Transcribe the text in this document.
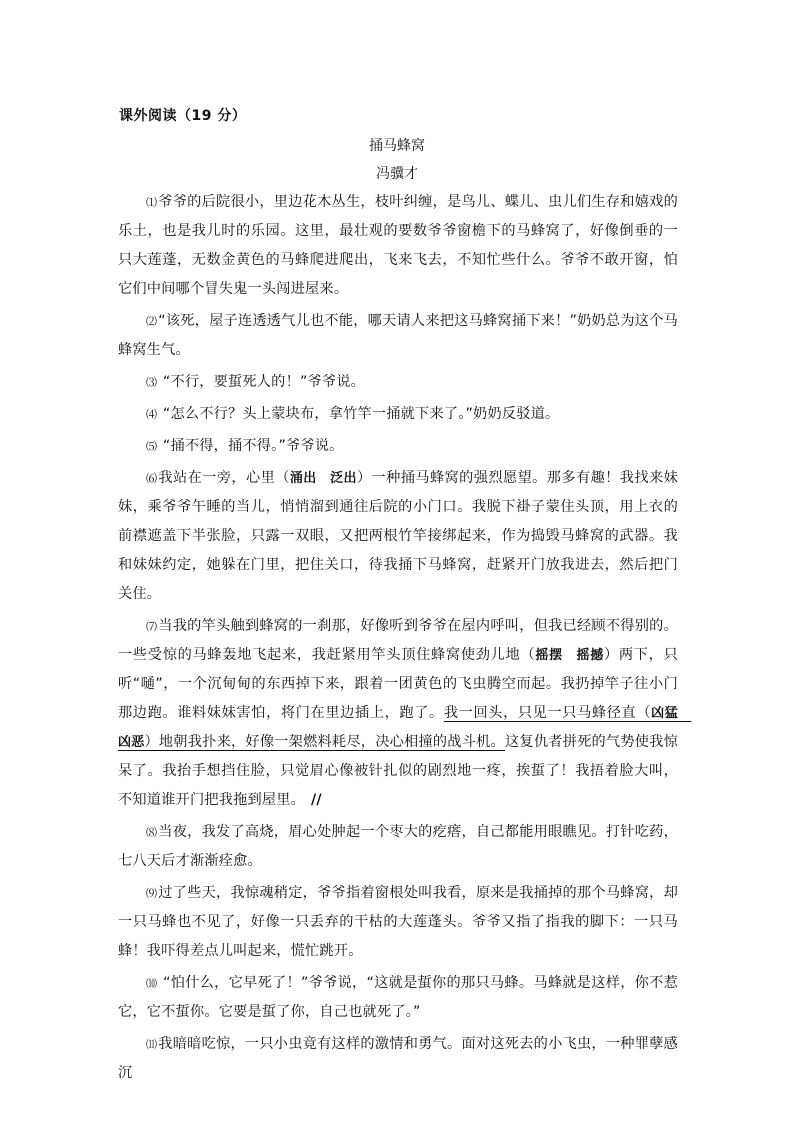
课外阅读（19 分）
捅马蜂窝
冯骥才

⑴爷爷的后院很小，里边花木丛生，枝叶纠缠，是鸟儿、蝶儿、虫儿们生存和嬉戏的乐土，也是我儿时的乐园。这里，最壮观的要数爷爷窗檐下的马蜂窝了，好像倒垂的一只大莲蓬，无数金黄色的马蜂爬进爬出，飞来飞去，不知忙些什么。爷爷不敢开窗，怕它们中间哪个冒失鬼一头闯进屋来。

⑵“该死，屋子连透透气儿也不能，哪天请人来把这马蜂窝捅下来！”奶奶总为这个马蜂窝生气。

⑶ “不行，要蜇死人的！”爷爷说。

⑷ “怎么不行？头上蒙块布，拿竹竿一捅就下来了。”奶奶反驳道。

⑸ “捅不得，捅不得。”爷爷说。

⑹我站在一旁，心里（涌出　泛出）一种捅马蜂窝的强烈愿望。那多有趣！我找来妹妹，乘爷爷午睡的当儿，悄悄溜到通往后院的小门口。我脱下褂子蒙住头顶，用上衣的前襟遮盖下半张脸，只露一双眼，又把两根竹竿接绑起来，作为捣毁马蜂窝的武器。我和妹妹约定，她躲在门里，把住关口，待我捅下马蜂窝，赶紧开门放我进去，然后把门关住。

⑺当我的竿头触到蜂窝的一刹那，好像听到爷爷在屋内呼叫，但我已经顾不得别的。一些受惊的马蜂轰地飞起来，我赶紧用竿头顶住蜂窝使劲儿地（摇摆　摇撼）两下，只听“嗵”，一个沉甸甸的东西掉下来，跟着一团黄色的飞虫腾空而起。我扔掉竿子往小门那边跑。谁料妹妹害怕，将门在里边插上，跑了。我一回头，只见一只马蜂径直（凶猛　凶恶）地朝我扑来，好像一架燃料耗尽，决心相撞的战斗机。这复仇者拼死的气势使我惊呆了。我抬手想挡住脸，只觉眉心像被针扎似的剧烈地一疼，挨蜇了！我捂着脸大叫，不知道谁开门把我拖到屋里。 //

⑻当夜，我发了高烧，眉心处肿起一个枣大的疙瘩，自己都能用眼瞧见。打针吃药，七八天后才渐渐痊愈。

⑼过了些天，我惊魂稍定，爷爷指着窗根处叫我看，原来是我捅掉的那个马蜂窝，却一只马蜂也不见了，好像一只丢弃的干枯的大莲蓬头。爷爷又指了指我的脚下：一只马蜂！我吓得差点儿叫起来，慌忙跳开。

⑽ “怕什么，它早死了！”爷爷说，“这就是蜇你的那只马蜂。马蜂就是这样，你不惹它，它不蜇你。它要是蜇了你，自己也就死了。”

⑾我暗暗吃惊，一只小虫竟有这样的激情和勇气。面对这死去的小飞虫，一种罪孽感沉
